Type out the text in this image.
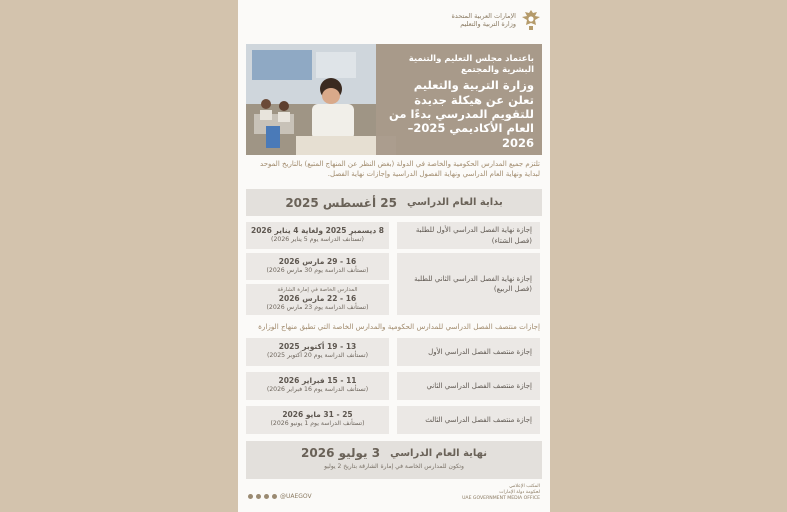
الإمارات العربية المتحدة
وزارة التربية والتعليم
باعتماد مجلس التعليم والتنمية البشرية والمجتمع
وزارة التربية والتعليم تعلن عن هيكلة جديدة للتقويم المدرسي بدءًا من العام الأكاديمي 2025–2026
تلتزم جميع المدارس الحكومية والخاصة في الدولة (بغض النظر عن المنهاج المتبع) بالتاريخ الموحد لبداية ونهاية العام الدراسي ونهاية الفصول الدراسية وإجازات نهاية الفصل.
بداية العام الدراسي
25 أغسطس 2025
إجازة نهاية الفصل الدراسي الأول للطلبة
(فصل الشتاء)
8 ديسمبر 2025 ولغاية 4 يناير 2026
(تستأنف الدراسة يوم 5 يناير 2026)
إجازة نهاية الفصل الدراسي الثاني للطلبة
(فصل الربيع)
16 - 29 مارس 2026
(تستأنف الدراسة يوم 30 مارس 2026)
المدارس الخاصة في إمارة الشارقة
16 - 22 مارس 2026
(تستأنف الدراسة يوم 23 مارس 2026)
إجازات منتصف الفصل الدراسي للمدارس الحكومية والمدارس الخاصة التي تطبق منهاج الوزارة
إجازة منتصف الفصل الدراسي الأول
13 - 19 أكتوبر 2025
(تستأنف الدراسة يوم 20 أكتوبر 2025)
إجازة منتصف الفصل الدراسي الثاني
11 - 15 فبراير 2026
(تستأنف الدراسة يوم 16 فبراير 2026)
إجازة منتصف الفصل الدراسي الثالث
25 - 31 مايو 2026
(تستأنف الدراسة يوم 1 يونيو 2026)
نهاية العام الدراسي
3 يوليو 2026
وتكون للمدارس الخاصة في إمارة الشارقة بتاريخ 2 يوليو
@UAEGOV
المكتب الإعلامي
لحكومة دولة الإمارات
UAE GOVERNMENT MEDIA OFFICE
